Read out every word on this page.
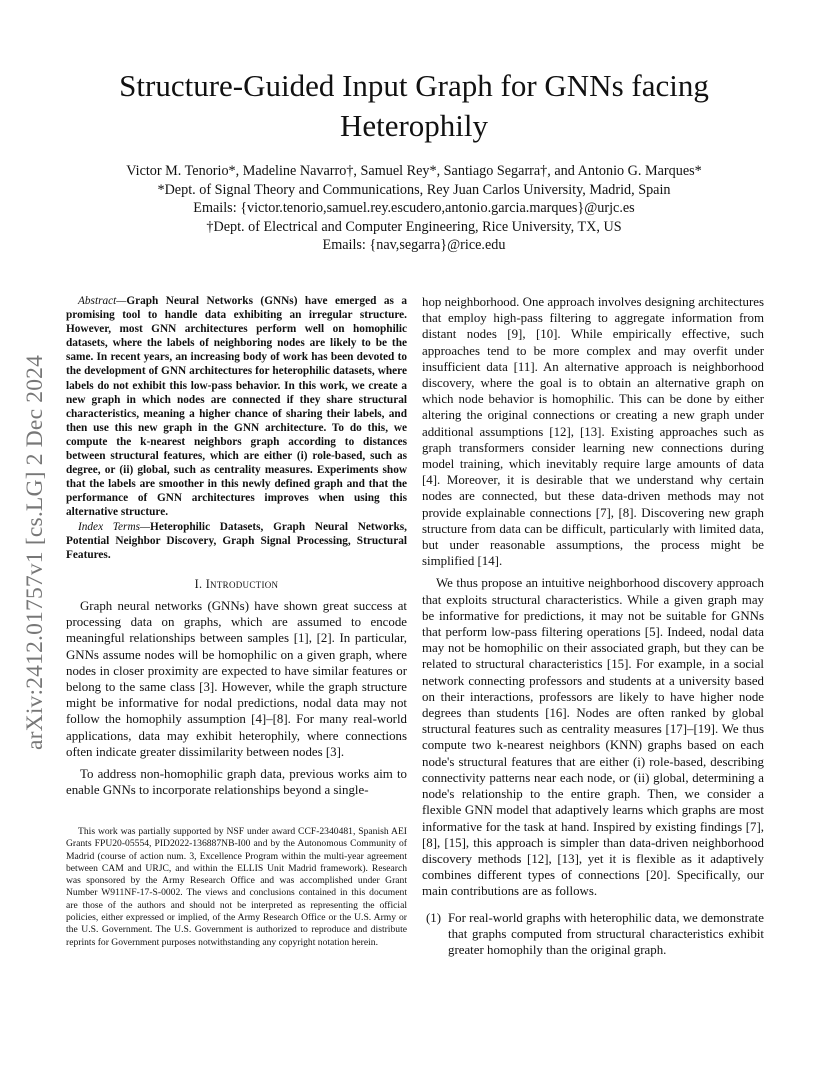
arXiv:2412.01757v1 [cs.LG] 2 Dec 2024
Structure-Guided Input Graph for GNNs facing
Heterophily
Victor M. Tenorio*, Madeline Navarro†, Samuel Rey*, Santiago Segarra†, and Antonio G. Marques*
*Dept. of Signal Theory and Communications, Rey Juan Carlos University, Madrid, Spain
Emails: {victor.tenorio,samuel.rey.escudero,antonio.garcia.marques}@urjc.es
†Dept. of Electrical and Computer Engineering, Rice University, TX, US
Emails: {nav,segarra}@rice.edu

Abstract—Graph Neural Networks (GNNs) have emerged as a promising tool to handle data exhibiting an irregular structure. However, most GNN architectures perform well on homophilic datasets, where the labels of neighboring nodes are likely to be the same. In recent years, an increasing body of work has been devoted to the development of GNN architectures for heterophilic datasets, where labels do not exhibit this low-pass behavior. In this work, we create a new graph in which nodes are connected if they share structural characteristics, meaning a higher chance of sharing their labels, and then use this new graph in the GNN architecture. To do this, we compute the k-nearest neighbors graph according to distances between structural features, which are either (i) role-based, such as degree, or (ii) global, such as centrality measures. Experiments show that the labels are smoother in this newly defined graph and that the performance of GNN architectures improves when using this alternative structure.

Index Terms—Heterophilic Datasets, Graph Neural Networks, Potential Neighbor Discovery, Graph Signal Processing, Structural Features.

I. Introduction

Graph neural networks (GNNs) have shown great success at processing data on graphs, which are assumed to encode meaningful relationships between samples [1], [2]. In particular, GNNs assume nodes will be homophilic on a given graph, where nodes in closer proximity are expected to have similar features or belong to the same class [3]. However, while the graph structure might be informative for nodal predictions, nodal data may not follow the homophily assumption [4]–[8]. For many real-world applications, data may exhibit heterophily, where connections often indicate greater dissimilarity between nodes [3].

To address non-homophilic graph data, previous works aim to enable GNNs to incorporate relationships beyond a single-

This work was partially supported by NSF under award CCF-2340481, Spanish AEI Grants FPU20-05554, PID2022-136887NB-I00 and by the Autonomous Community of Madrid (course of action num. 3, Excellence Program within the multi-year agreement between CAM and URJC, and within the ELLIS Unit Madrid framework). Research was sponsored by the Army Research Office and was accomplished under Grant Number W911NF-17-S-0002. The views and conclusions contained in this document are those of the authors and should not be interpreted as representing the official policies, either expressed or implied, of the Army Research Office or the U.S. Army or the U.S. Government. The U.S. Government is authorized to reproduce and distribute reprints for Government purposes notwithstanding any copyright notation herein.

hop neighborhood. One approach involves designing architectures that employ high-pass filtering to aggregate information from distant nodes [9], [10]. While empirically effective, such approaches tend to be more complex and may overfit under insufficient data [11]. An alternative approach is neighborhood discovery, where the goal is to obtain an alternative graph on which node behavior is homophilic. This can be done by either altering the original connections or creating a new graph under additional assumptions [12], [13]. Existing approaches such as graph transformers consider learning new connections during model training, which inevitably require large amounts of data [4]. Moreover, it is desirable that we understand why certain nodes are connected, but these data-driven methods may not provide explainable connections [7], [8]. Discovering new graph structure from data can be difficult, particularly with limited data, but under reasonable assumptions, the process might be simplified [14].

We thus propose an intuitive neighborhood discovery approach that exploits structural characteristics. While a given graph may be informative for predictions, it may not be suitable for GNNs that perform low-pass filtering operations [5]. Indeed, nodal data may not be homophilic on their associated graph, but they can be related to structural characteristics [15]. For example, in a social network connecting professors and students at a university based on their interactions, professors are likely to have higher node degrees than students [16]. Nodes are often ranked by global structural features such as centrality measures [17]–[19]. We thus compute two k-nearest neighbors (KNN) graphs based on each node's structural features that are either (i) role-based, describing connectivity patterns near each node, or (ii) global, determining a node's relationship to the entire graph. Then, we consider a flexible GNN model that adaptively learns which graphs are most informative for the task at hand. Inspired by existing findings [7], [8], [15], this approach is simpler than data-driven neighborhood discovery methods [12], [13], yet it is flexible as it adaptively combines different types of connections [20]. Specifically, our main contributions are as follows.

(1) For real-world graphs with heterophilic data, we demonstrate that graphs computed from structural characteristics exhibit greater homophily than the original graph.
